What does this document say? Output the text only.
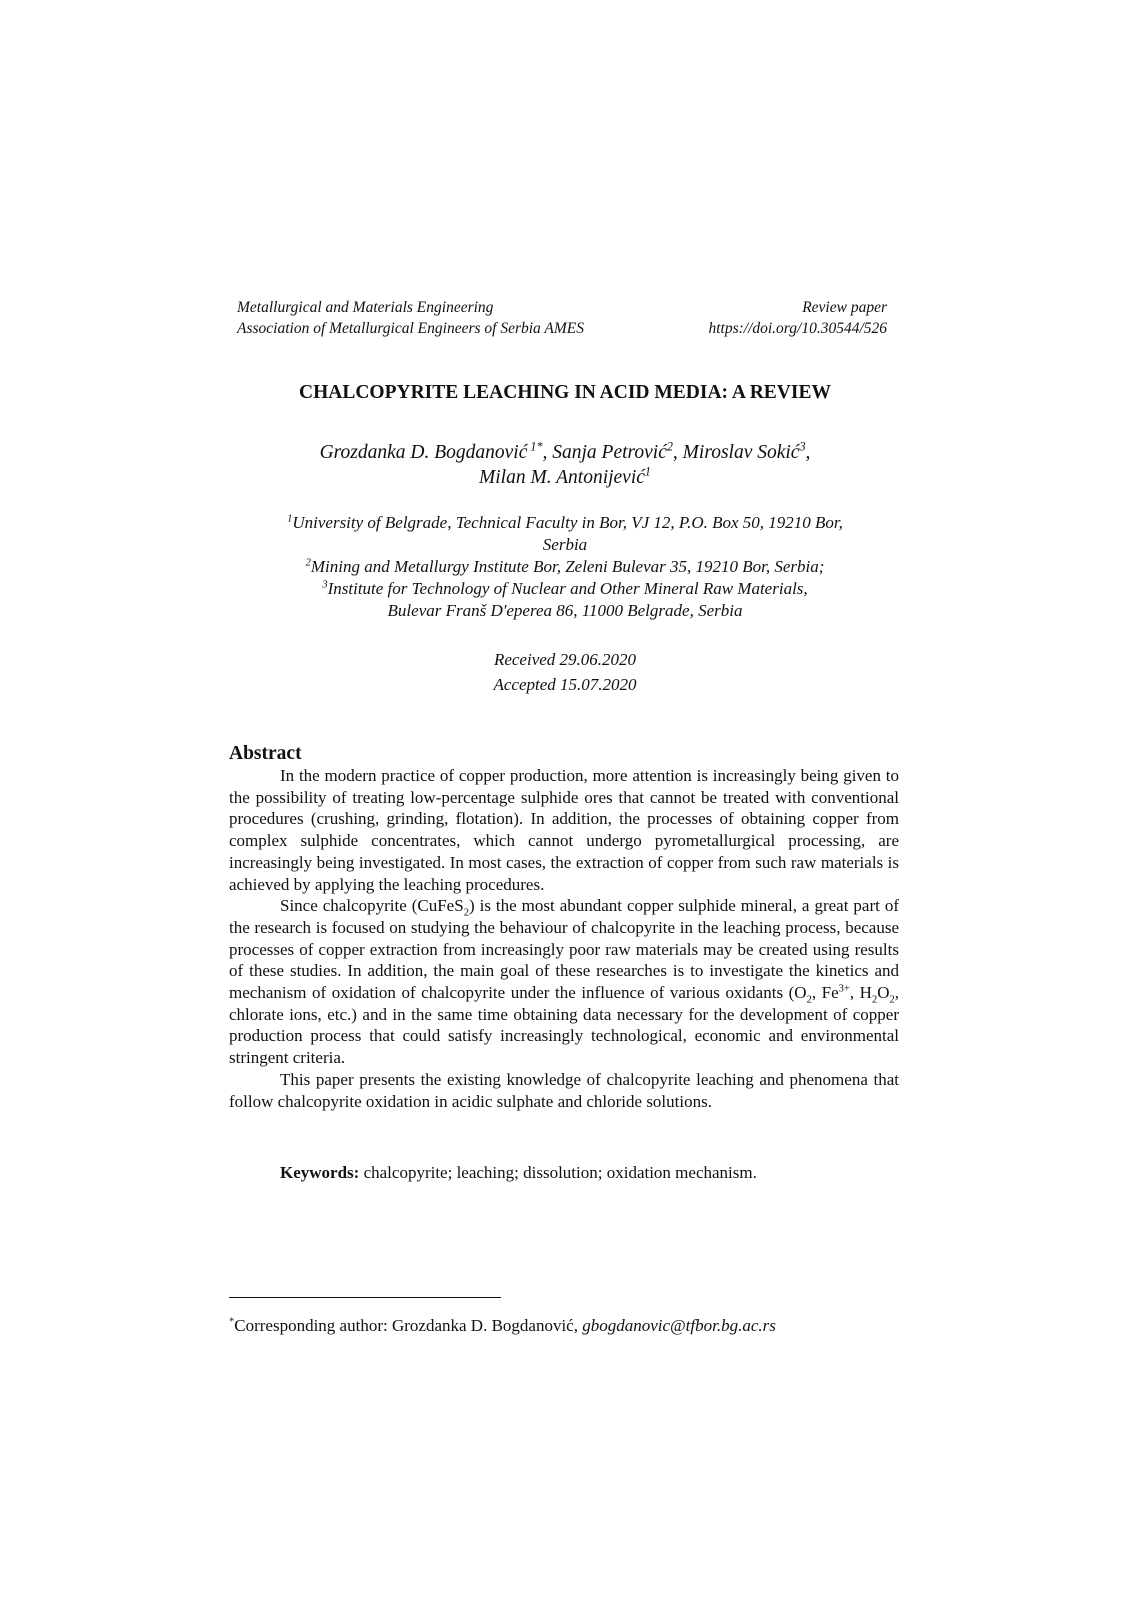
Metallurgical and Materials Engineering	Review paper
Association of Metallurgical Engineers of Serbia AMES	https://doi.org/10.30544/526
CHALCOPYRITE LEACHING IN ACID MEDIA: A REVIEW
Grozdanka D. Bogdanović $^{1*}$, Sanja Petrović$^2$, Miroslav Sokić$^3$,
Milan M. Antonijević$^1$
$^1$University of Belgrade, Technical Faculty in Bor, VJ 12, P.O. Box 50, 19210 Bor,
Serbia
$^2$Mining and Metallurgy Institute Bor, Zeleni Bulevar 35, 19210 Bor, Serbia;
$^3$Institute for Technology of Nuclear and Other Mineral Raw Materials,
Bulevar Franš D'eperea 86, 11000 Belgrade, Serbia
Received 29.06.2020
Accepted 15.07.2020
Abstract

In the modern practice of copper production, more attention is increasingly being given to the possibility of treating low-percentage sulphide ores that cannot be treated with conventional procedures (crushing, grinding, flotation). In addition, the processes of obtaining copper from complex sulphide concentrates, which cannot undergo pyrometallurgical processing, are increasingly being investigated. In most cases, the extraction of copper from such raw materials is achieved by applying the leaching procedures.

Since chalcopyrite (CuFeS$_2$) is the most abundant copper sulphide mineral, a great part of the research is focused on studying the behaviour of chalcopyrite in the leaching process, because processes of copper extraction from increasingly poor raw materials may be created using results of these studies. In addition, the main goal of these researches is to investigate the kinetics and mechanism of oxidation of chalcopyrite under the influence of various oxidants ($O_2$, $Fe^{3+}$, $H_2O_2$, chlorate ions, etc.) and in the same time obtaining data necessary for the development of copper production process that could satisfy increasingly technological, economic and environmental stringent criteria.

This paper presents the existing knowledge of chalcopyrite leaching and phenomena that follow chalcopyrite oxidation in acidic sulphate and chloride solutions.

Keywords: chalcopyrite; leaching; dissolution; oxidation mechanism.
*Corresponding author: Grozdanka D. Bogdanović, gbogdanovic@tfbor.bg.ac.rs
